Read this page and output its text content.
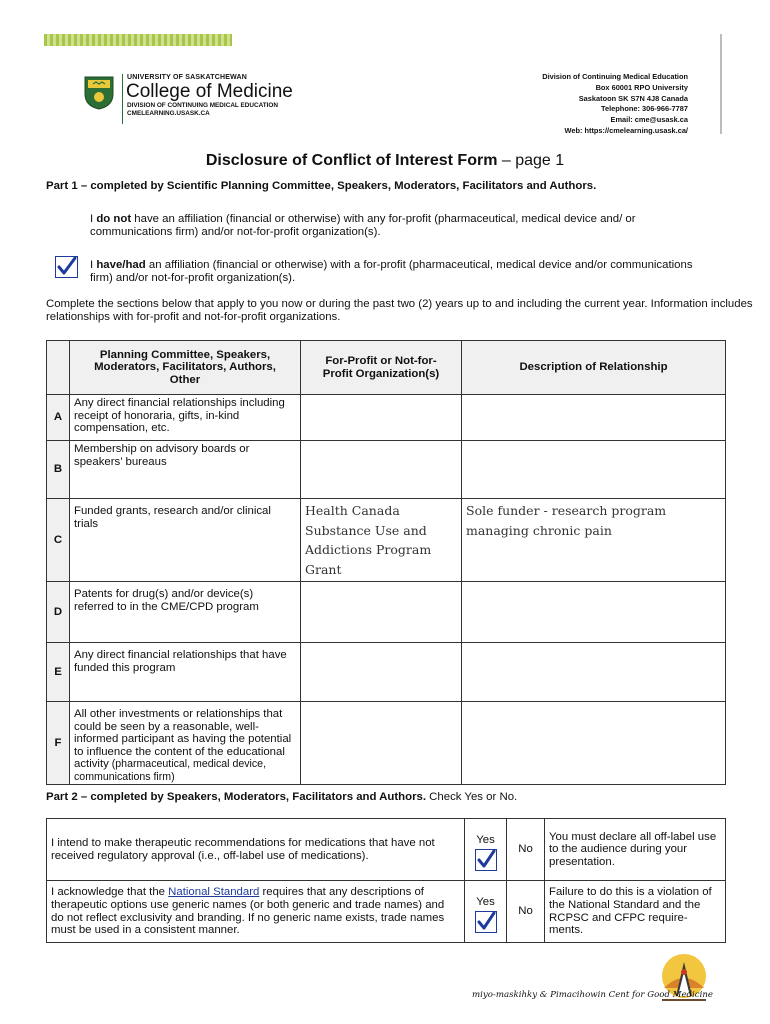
UNIVERSITY OF SASKATCHEWAN
College of Medicine
DIVISION OF CONTINUING MEDICAL EDUCATION
CMELEARNING.USASK.CA
Division of Continuing Medical Education
Box 60001 RPO University
Saskatoon SK S7N 4J8 Canada
Telephone: 306-966-7787
Email: cme@usask.ca
Web: https://cmelearning.usask.ca/
Disclosure of Conflict of Interest Form – page 1
Part 1 – completed by Scientific Planning Committee, Speakers, Moderators, Facilitators and Authors.
I do not have an affiliation (financial or otherwise) with any for-profit (pharmaceutical, medical device and/ or communications firm) and/or not-for-profit organization(s).
I have/had an affiliation (financial or otherwise) with a for-profit (pharmaceutical, medical device and/or communications firm) and/or not-for-profit organization(s).
Complete the sections below that apply to you now or during the past two (2) years up to and including the current year. Information includes relationships with for-profit and not-for-profit organizations.
	Planning Committee, Speakers, Moderators, Facilitators, Authors, Other	For-Profit or Not-for-Profit Organization(s)	Description of Relationship
A	Any direct financial relationships including receipt of honoraria, gifts, in-kind compensation, etc.		
B	Membership on advisory boards or speakers’ bureaus		
C	Funded grants, research and/or clinical trials	Health Canada Substance Use and Addictions Program Grant	Sole funder - research program managing chronic pain
D	Patents for drug(s) and/or device(s) referred to in the CME/CPD program		
E	Any direct financial relationships that have funded this program		
F	All other investments or relationships that could be seen by a reasonable, well-informed participant as having the potential to influence the content of the educational activity (pharmaceutical, medical device, communications firm)		
Part 2 – completed by Speakers, Moderators, Facilitators and Authors. Check Yes or No.
I intend to make therapeutic recommendations for medications that have not received regulatory approval (i.e., off-label use of medications).	Yes	No	You must declare all off-label use to the audience during your presentation.
I acknowledge that the National Standard requires that any descriptions of therapeutic options use generic names (or both generic and trade names) and do not reflect exclusivity and branding. If no generic name exists, trade names must be used in a consistent manner.	Yes	No	Failure to do this is a violation of the National Standard and the RCPSC and CFPC require-ments.
miyo-maskihky & Pimacihowin Cent for Good Medicine
